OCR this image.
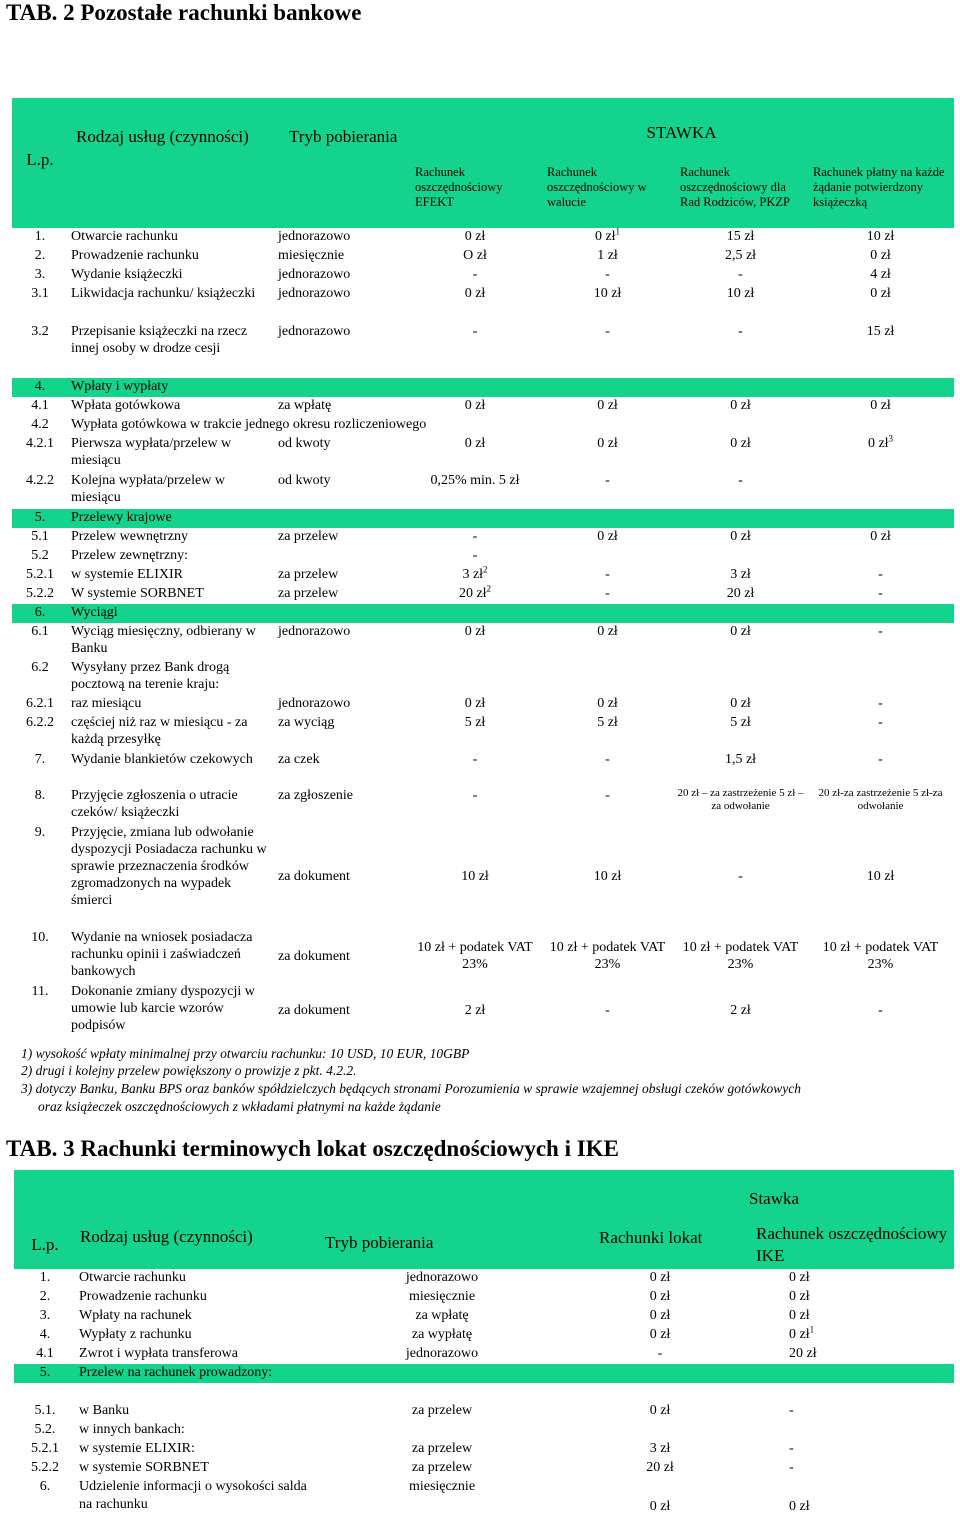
TAB. 2 Pozostałe rachunki bankowe
L.p.	Rodzaj usług (czynności)	Tryb pobierania	STAWKA			
			Rachunek oszczędnościowy EFEKT	Rachunek oszczędnościowy w walucie	Rachunek oszczędnościowy dla Rad Rodziców, PKZP	Rachunek płatny na każde żądanie potwierdzony książeczką
1.	Otwarcie rachunku	jednorazowo	0 zł	0 $zł^1$	15 zł	10 zł
2.	Prowadzenie rachunku	miesięcznie	O zł	1 zł	2,5 zł	0 zł
3.	Wydanie książeczki	jednorazowo	-	-	-	4 zł
3.1	Likwidacja rachunku/ książeczki	jednorazowo	0 zł	10 zł	10 zł	0 zł
3.2	Przepisanie książeczki na rzecz innej osoby w drodze cesji	jednorazowo	-	-	-	15 zł
4.	Wpłaty i wypłaty					
4.1	Wpłata gotówkowa	za wpłatę	0 zł	0 zł	0 zł	0 zł
4.2	Wypłata gotówkowa w trakcie jednego okresu rozliczeniowego					
4.2.1	Pierwsza wypłata/przelew w miesiącu	od kwoty	0 zł	0 zł	0 zł	0 $zł^3$
4.2.2	Kolejna wypłata/przelew w miesiącu	od kwoty	0,25% min. 5 zł	-	-	
5.	Przelewy krajowe					
5.1	Przelew wewnętrzny	za przelew	-	0 zł	0 zł	0 zł
5.2	Przelew zewnętrzny:		-			
5.2.1	w systemie ELIXIR	za przelew	3 $zł^2$	-	3 zł	-
5.2.2	W systemie SORBNET	za przelew	20 $zł^2$	-	20 zł	-
6.	Wyciągi					
6.1	Wyciąg miesięczny, odbierany w Banku	jednorazowo	0 zł	0 zł	0 zł	-
6.2	Wysyłany przez Bank drogą pocztową na terenie kraju:					
6.2.1	raz miesiącu	jednorazowo	0 zł	0 zł	0 zł	-
6.2.2	częściej niż raz w miesiącu - za każdą przesyłkę	za wyciąg	5 zł	5 zł	5 zł	-
7.	Wydanie blankietów czekowych	za czek	-	-	1,5 zł	-
8.	Przyjęcie zgłoszenia o utracie czeków/ książeczki	za zgłoszenie	-	-	20 zł – za zastrzeżenie 5 zł – za odwołanie	20 zł-za zastrzeżenie 5 zł-za odwołanie
9.	Przyjęcie, zmiana lub odwołanie dyspozycji Posiadacza rachunku w sprawie przeznaczenia środków zgromadzonych na wypadek śmierci	za dokument	10 zł	10 zł	-	10 zł
10.	Wydanie na wniosek posiadacza rachunku opinii i zaświadczeń bankowych	za dokument	10 zł + podatek VAT 23%	10 zł + podatek VAT 23%	10 zł + podatek VAT 23%	10 zł + podatek VAT 23%
11.	Dokonanie zmiany dyspozycji w umowie lub karcie wzorów podpisów	za dokument	2 zł	-	2 zł	-
1) wysokość wpłaty minimalnej przy otwarciu rachunku: 10 USD, 10 EUR, 10GBP
2) drugi i kolejny przelew powiększony o prowizje z pkt. 4.2.2.
3) dotyczy Banku, Banku BPS oraz banków spółdzielczych będących stronami Porozumienia w sprawie wzajemnej obsługi czeków gotówkowych
oraz książeczek oszczędnościowych z wkładami płatnymi na każde żądanie
TAB. 3 Rachunki terminowych lokat oszczędnościowych i IKE
L.p.	Rodzaj usług (czynności)	Tryb pobierania	Stawka	
			Rachunki lokat	Rachunek oszczędnościowy IKE
1.	Otwarcie rachunku	jednorazowo	0 zł	0 zł
2.	Prowadzenie rachunku	miesięcznie	0 zł	0 zł
3.	Wpłaty na rachunek	za wpłatę	0 zł	0 zł
4.	Wypłaty z rachunku	za wypłatę	0 zł	0 $zł^1$
4.1	Zwrot i wypłata transferowa	jednorazowo	-	20 zł
5.	Przelew na rachunek prowadzony:			

5.1.	w Banku	za przelew	0 zł	-
5.2.	w innych bankach:			
5.2.1	w systemie ELIXIR:	za przelew	3 zł	-
5.2.2	w systemie SORBNET	za przelew	20 zł	-
6.	Udzielenie informacji o wysokości salda na rachunku	miesięcznie	0 zł	0 zł
